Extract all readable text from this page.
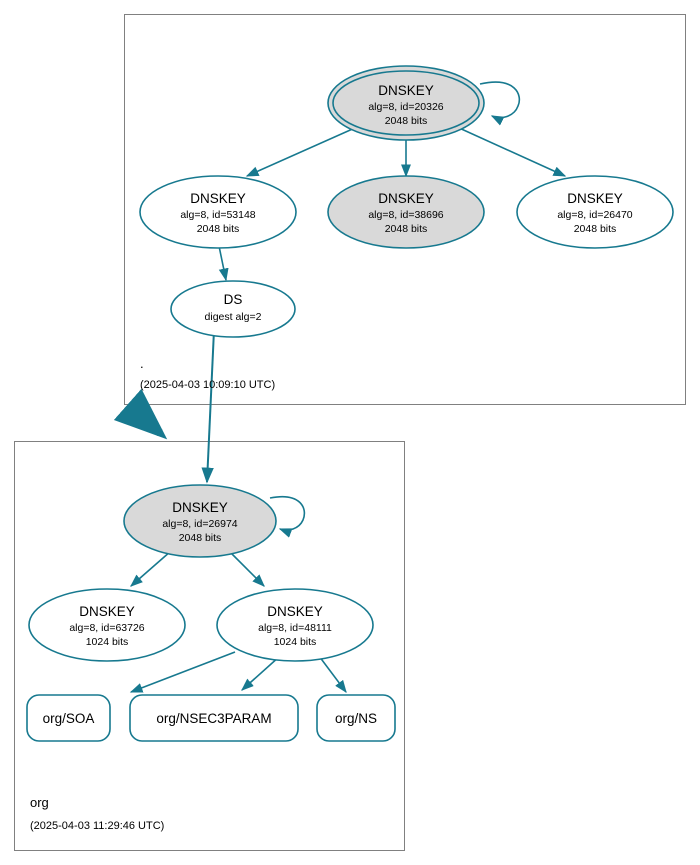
DNSKEY
alg=8, id=20326
2048 bits
DNSKEY
alg=8, id=53148
2048 bits
DNSKEY
alg=8, id=38696
2048 bits
DNSKEY
alg=8, id=26470
2048 bits
DS
digest alg=2
DNSKEY
alg=8, id=26974
2048 bits
DNSKEY
alg=8, id=63726
1024 bits
DNSKEY
alg=8, id=48111
1024 bits
org/SOA	org/NSEC3PARAM	org/NS
.
(2025-04-03 10:09:10 UTC)
org
(2025-04-03 11:29:46 UTC)
